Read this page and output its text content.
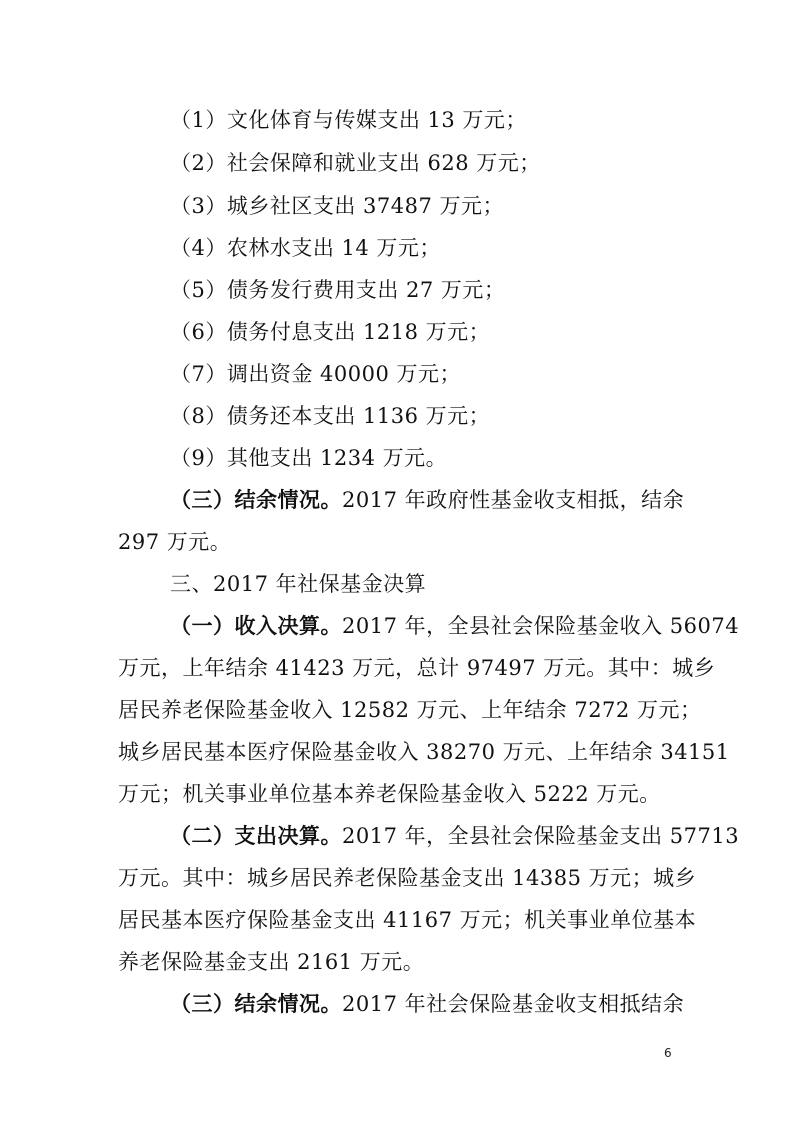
（1）文化体育与传媒支出 13 万元；
（2）社会保障和就业支出 628 万元；
（3）城乡社区支出 37487 万元；
（4）农林水支出 14 万元；
（5）债务发行费用支出 27 万元；
（6）债务付息支出 1218 万元；
（7）调出资金 40000 万元；
（8）债务还本支出 1136 万元；
（9）其他支出 1234 万元。
（三）结余情况。 2017 年政府性基金收支相抵，结余
297 万元。
三、2017 年社保基金决算
（一）收入决算。 2017 年，全县社会保险基金收入 56074
万元，上年结余 41423 万元，总计 97497 万元。其中：城乡
居民养老保险基金收入 12582 万元、上年结余 7272 万元；
城乡居民基本医疗保险基金收入 38270 万元、上年结余 34151
万元；机关事业单位基本养老保险基金收入 5222 万元。
（二）支出决算。 2017 年，全县社会保险基金支出 57713
万元。其中：城乡居民养老保险基金支出 14385 万元；城乡
居民基本医疗保险基金支出 41167 万元；机关事业单位基本
养老保险基金支出 2161 万元。
（三）结余情况。 2017 年社会保险基金收支相抵结余
6
